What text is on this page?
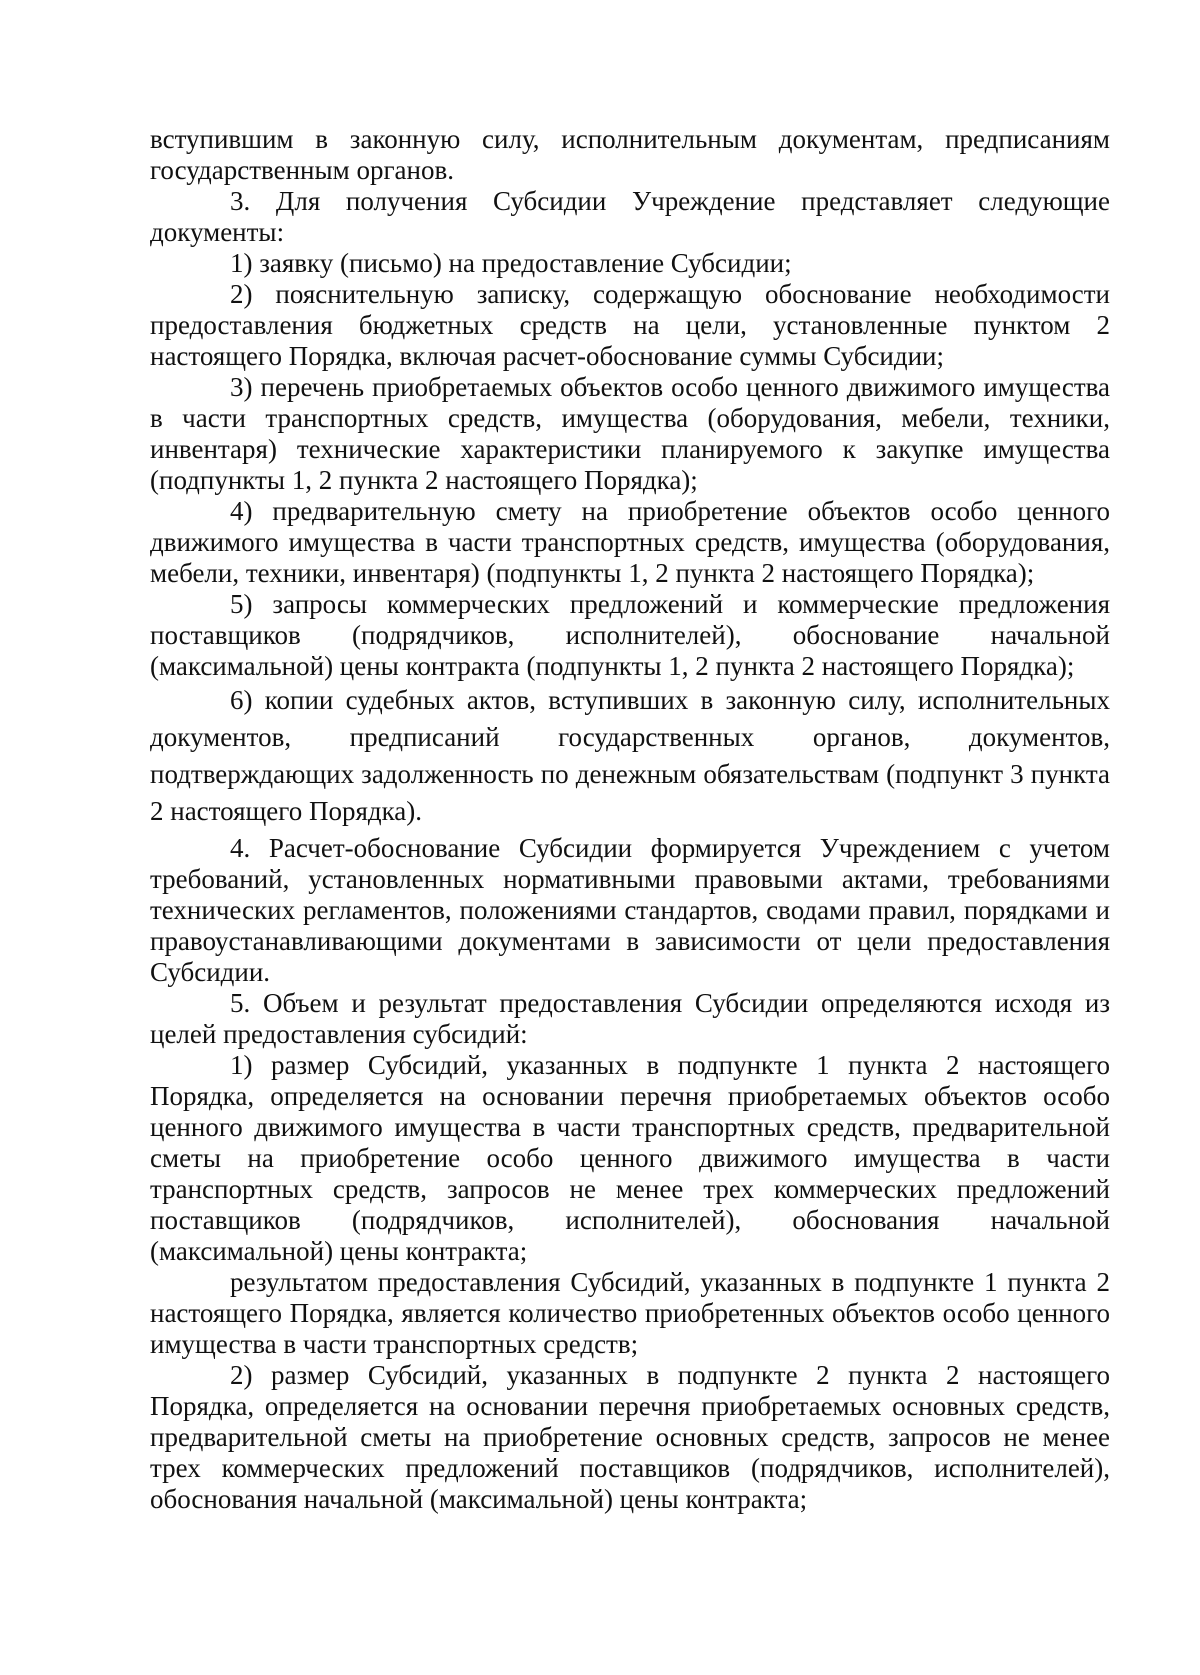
вступившим в законную силу, исполнительным документам, предписаниям государственным органов.

3. Для получения Субсидии Учреждение представляет следующие документы:

1) заявку (письмо) на предоставление Субсидии;

2) пояснительную записку, содержащую обоснование необходимости предоставления бюджетных средств на цели, установленные пунктом 2 настоящего Порядка, включая расчет-обоснование суммы Субсидии;

3) перечень приобретаемых объектов особо ценного движимого имущества в части транспортных средств, имущества (оборудования, мебели, техники, инвентаря) технические характеристики планируемого к закупке имущества (подпункты 1, 2 пункта 2 настоящего Порядка);

4) предварительную смету на приобретение объектов особо ценного движимого имущества в части транспортных средств, имущества (оборудования, мебели, техники, инвентаря) (подпункты 1, 2 пункта 2 настоящего Порядка);

5) запросы коммерческих предложений и коммерческие предложения поставщиков (подрядчиков, исполнителей), обоснование начальной (максимальной) цены контракта (подпункты 1, 2 пункта 2 настоящего Порядка);

6) копии судебных актов, вступивших в законную силу, исполнительных документов, предписаний государственных органов, документов, подтверждающих задолженность по денежным обязательствам (подпункт 3 пункта 2 настоящего Порядка).

4. Расчет-обоснование Субсидии формируется Учреждением с учетом требований, установленных нормативными правовыми актами, требованиями технических регламентов, положениями стандартов, сводами правил, порядками и правоустанавливающими документами в зависимости от цели предоставления Субсидии.

5. Объем и результат предоставления Субсидии определяются исходя из целей предоставления субсидий:

1) размер Субсидий, указанных в подпункте 1 пункта 2 настоящего Порядка, определяется на основании перечня приобретаемых объектов особо ценного движимого имущества в части транспортных средств, предварительной сметы на приобретение особо ценного движимого имущества в части транспортных средств, запросов не менее трех коммерческих предложений поставщиков (подрядчиков, исполнителей), обоснования начальной (максимальной) цены контракта;

результатом предоставления Субсидий, указанных в подпункте 1 пункта 2 настоящего Порядка, является количество приобретенных объектов особо ценного имущества в части транспортных средств;

2) размер Субсидий, указанных в подпункте 2 пункта 2 настоящего Порядка, определяется на основании перечня приобретаемых основных средств, предварительной сметы на приобретение основных средств, запросов не менее трех коммерческих предложений поставщиков (подрядчиков, исполнителей), обоснования начальной (максимальной) цены контракта;
